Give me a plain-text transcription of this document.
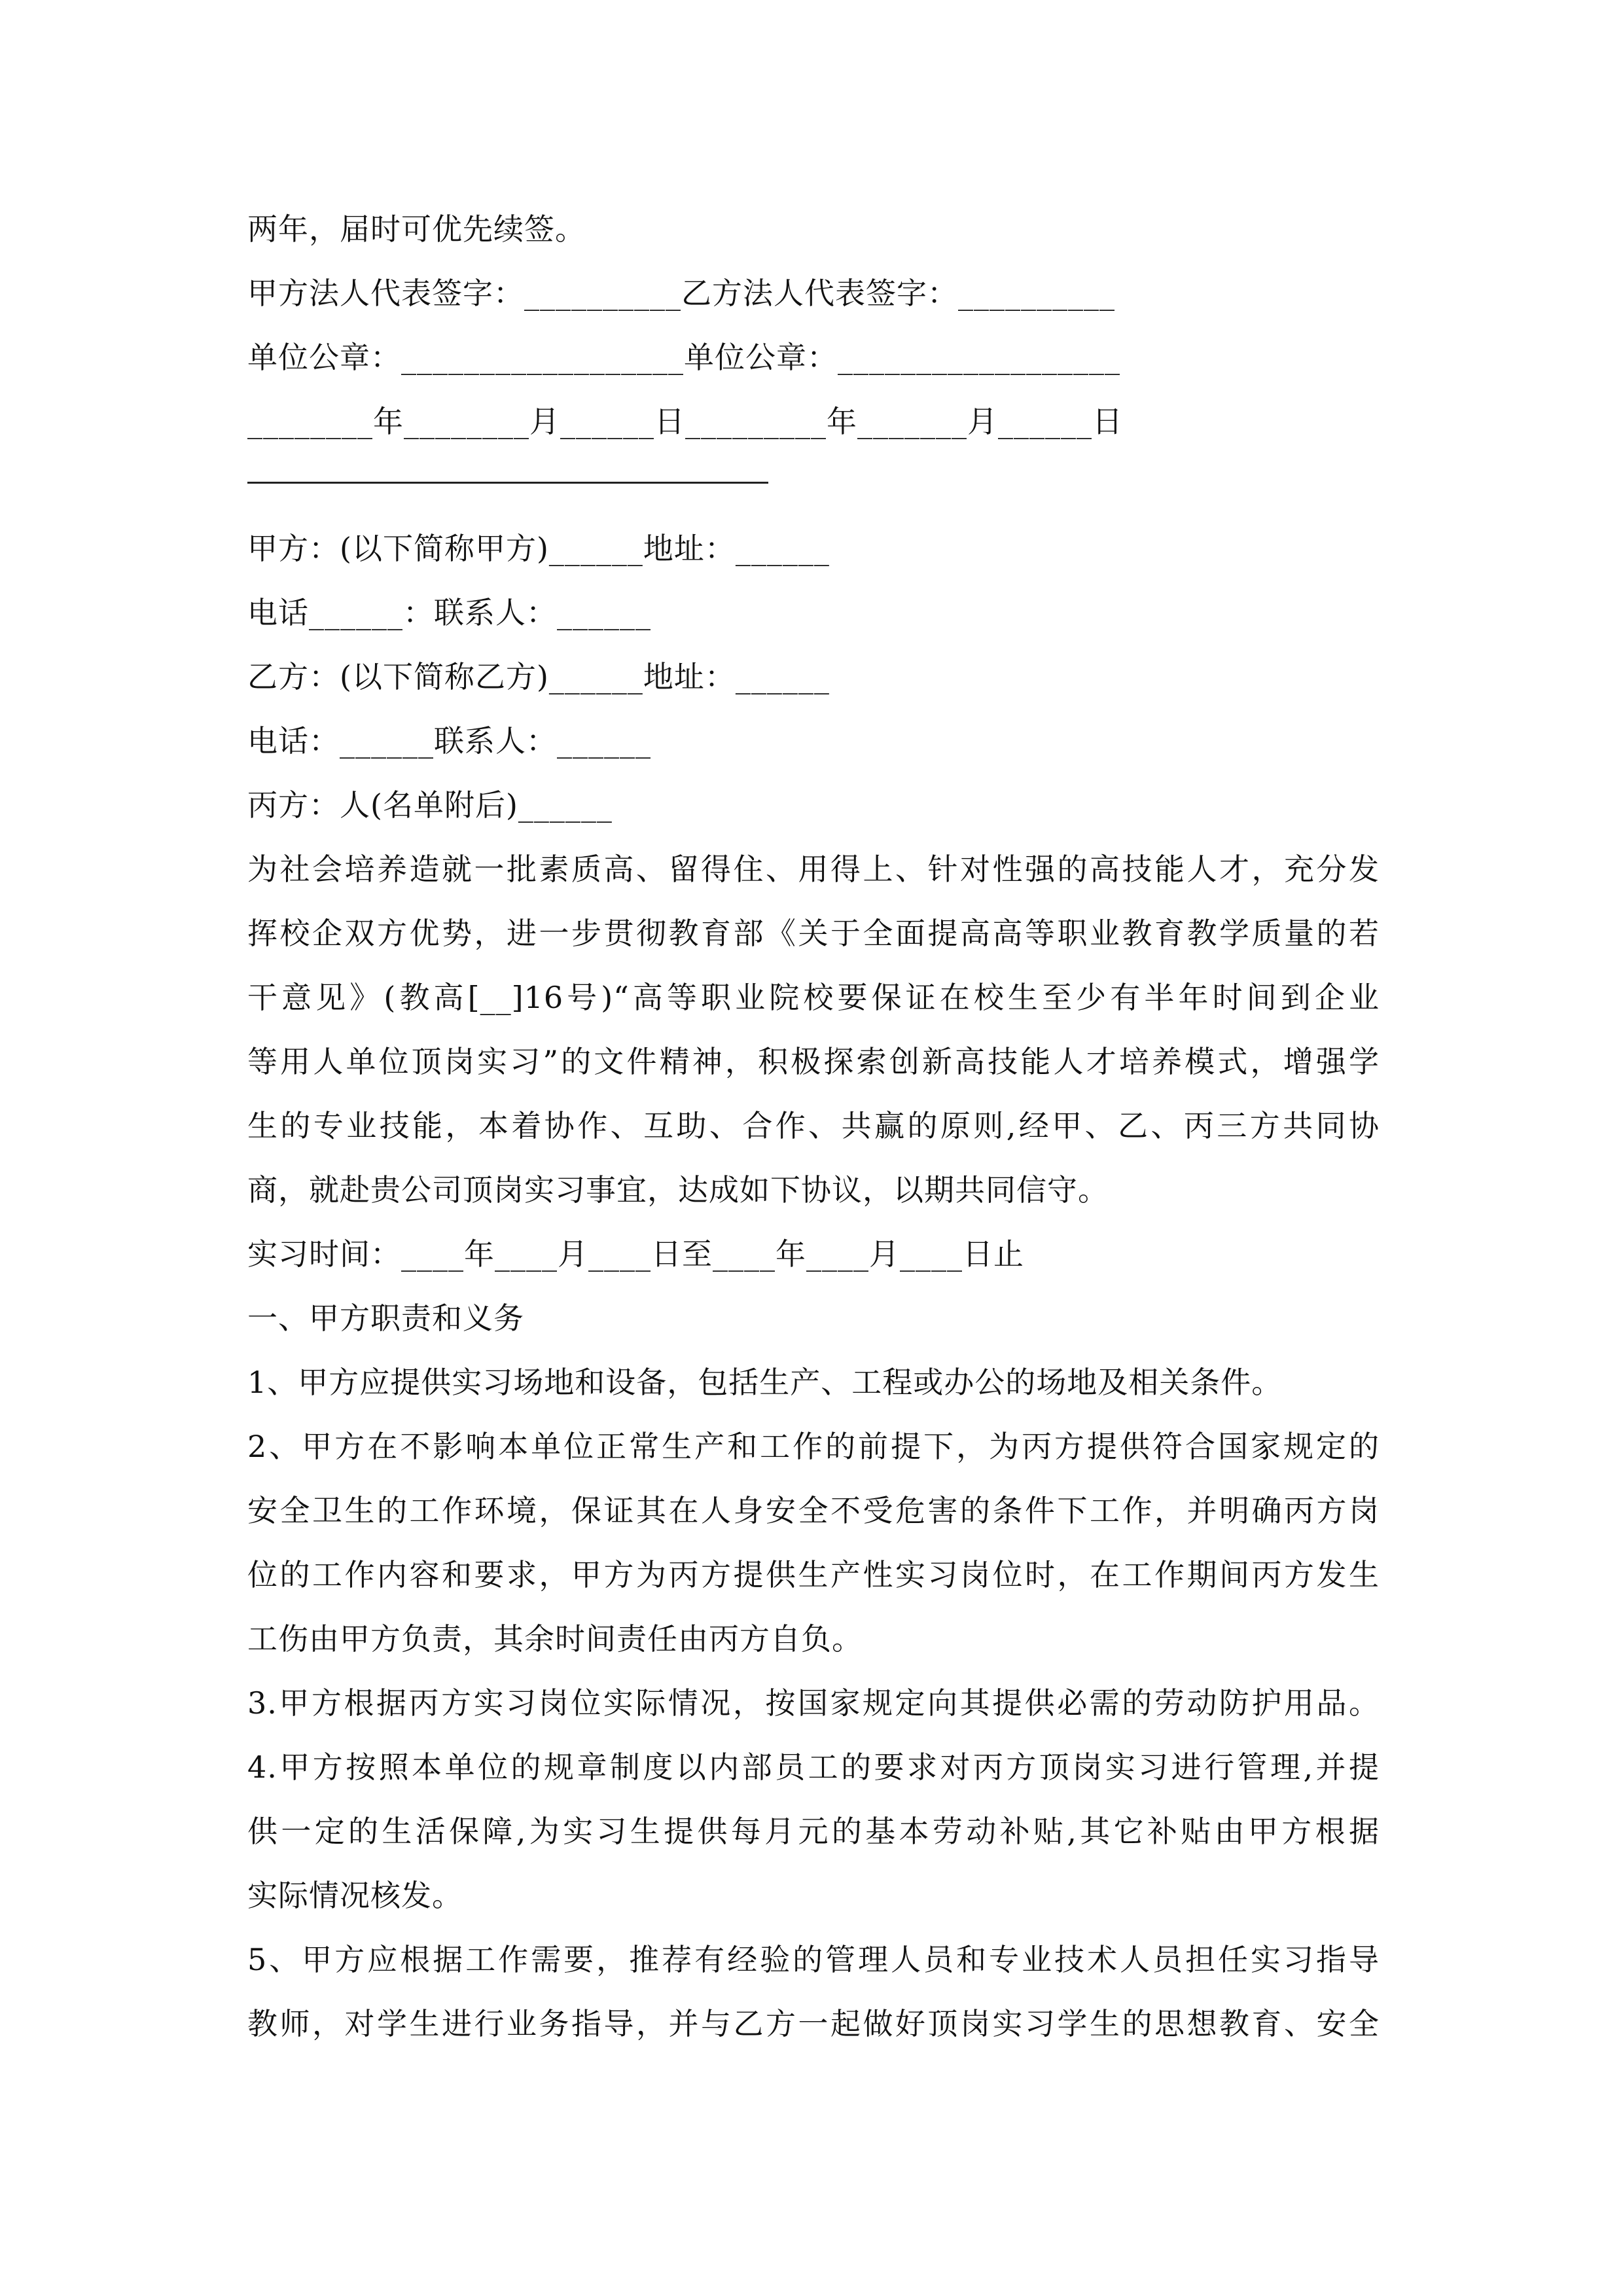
两年，届时可优先续签。
甲方法人代表签字：__________乙方法人代表签字：__________
单位公章：__________________单位公章：__________________
________年________月______日_________年_______月______日
甲方：(以下简称甲方)______地址：______
电话______：联系人：______
乙方：(以下简称乙方)______地址：______
电话：______联系人：______
丙方：人(名单附后)______
为社会培养造就一批素质高、留得住、用得上、针对性强的高技能人才，充分发
挥校企双方优势，进一步贯彻教育部《关于全面提高高等职业教育教学质量的若
干意见》(教高[__]16号)“高等职业院校要保证在校生至少有半年时间到企业
等用人单位顶岗实习”的文件精神，积极探索创新高技能人才培养模式，增强学
生的专业技能，本着协作、互助、合作、共赢的原则,经甲、乙、丙三方共同协
商，就赴贵公司顶岗实习事宜，达成如下协议，以期共同信守。
实习时间：____年____月____日至____年____月____日止
一、甲方职责和义务
1、甲方应提供实习场地和设备，包括生产、工程或办公的场地及相关条件。
2、甲方在不影响本单位正常生产和工作的前提下，为丙方提供符合国家规定的
安全卫生的工作环境，保证其在人身安全不受危害的条件下工作，并明确丙方岗
位的工作内容和要求，甲方为丙方提供生产性实习岗位时，在工作期间丙方发生
工伤由甲方负责，其余时间责任由丙方自负。
3.甲方根据丙方实习岗位实际情况，按国家规定向其提供必需的劳动防护用品。
4.甲方按照本单位的规章制度以内部员工的要求对丙方顶岗实习进行管理,并提
供一定的生活保障,为实习生提供每月元的基本劳动补贴,其它补贴由甲方根据
实际情况核发。
5、甲方应根据工作需要，推荐有经验的管理人员和专业技术人员担任实习指导
教师，对学生进行业务指导，并与乙方一起做好顶岗实习学生的思想教育、安全
